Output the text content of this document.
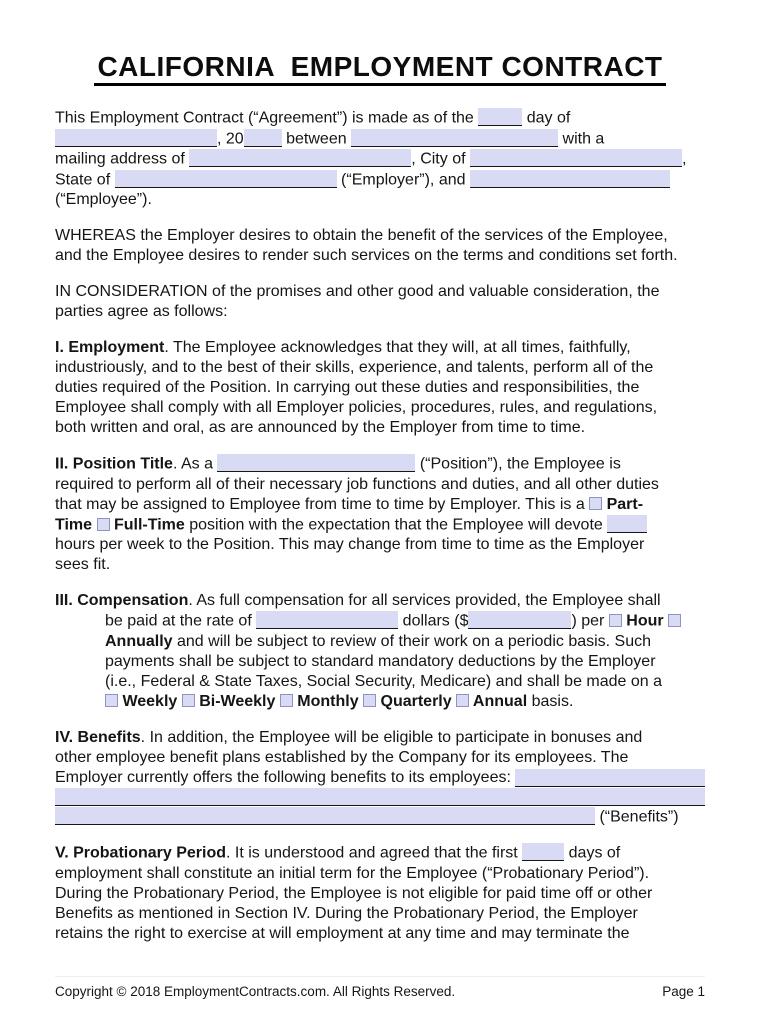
CALIFORNIA  EMPLOYMENT CONTRACT
This Employment Contract (“Agreement”) is made as of the	day of
, 20 between	with a
mailing address of	, City of	,
State of	(“Employer”), and
(“Employee”).
WHEREAS the Employer desires to obtain the benefit of the services of the Employee,
and the Employee desires to render such services on the terms and conditions set forth.
IN CONSIDERATION of the promises and other good and valuable consideration, the
parties agree as follows:
I. Employment. The Employee acknowledges that they will, at all times, faithfully,
industriously, and to the best of their skills, experience, and talents, perform all of the
duties required of the Position. In carrying out these duties and responsibilities, the
Employee shall comply with all Employer policies, procedures, rules, and regulations,
both written and oral, as are announced by the Employer from time to time.
II. Position Title. As a	(“Position”), the Employee is
required to perform all of their necessary job functions and duties, and all other duties
that may be assigned to Employee from time to time by Employer. This is a  Part-
Time  Full-Time position with the expectation that the Employee will devote
hours per week to the Position. This may change from time to time as the Employer
sees fit.
III. Compensation. As full compensation for all services provided, the Employee shall
be paid at the rate of	dollars ($	) per  Hour
Annually and will be subject to review of their work on a periodic basis. Such
payments shall be subject to standard mandatory deductions by the Employer
(i.e., Federal & State Taxes, Social Security, Medicare) and shall be made on a
Weekly  Bi-Weekly  Monthly  Quarterly  Annual basis.
IV. Benefits. In addition, the Employee will be eligible to participate in bonuses and
other employee benefit plans established by the Company for its employees. The
Employer currently offers the following benefits to its employees:
(“Benefits”)
V. Probationary Period. It is understood and agreed that the first	days of
employment shall constitute an initial term for the Employee (“Probationary Period”).
During the Probationary Period, the Employee is not eligible for paid time off or other
Benefits as mentioned in Section IV. During the Probationary Period, the Employer
retains the right to exercise at will employment at any time and may terminate the
Copyright © 2018 EmploymentContracts.com. All Rights Reserved.	Page 1
